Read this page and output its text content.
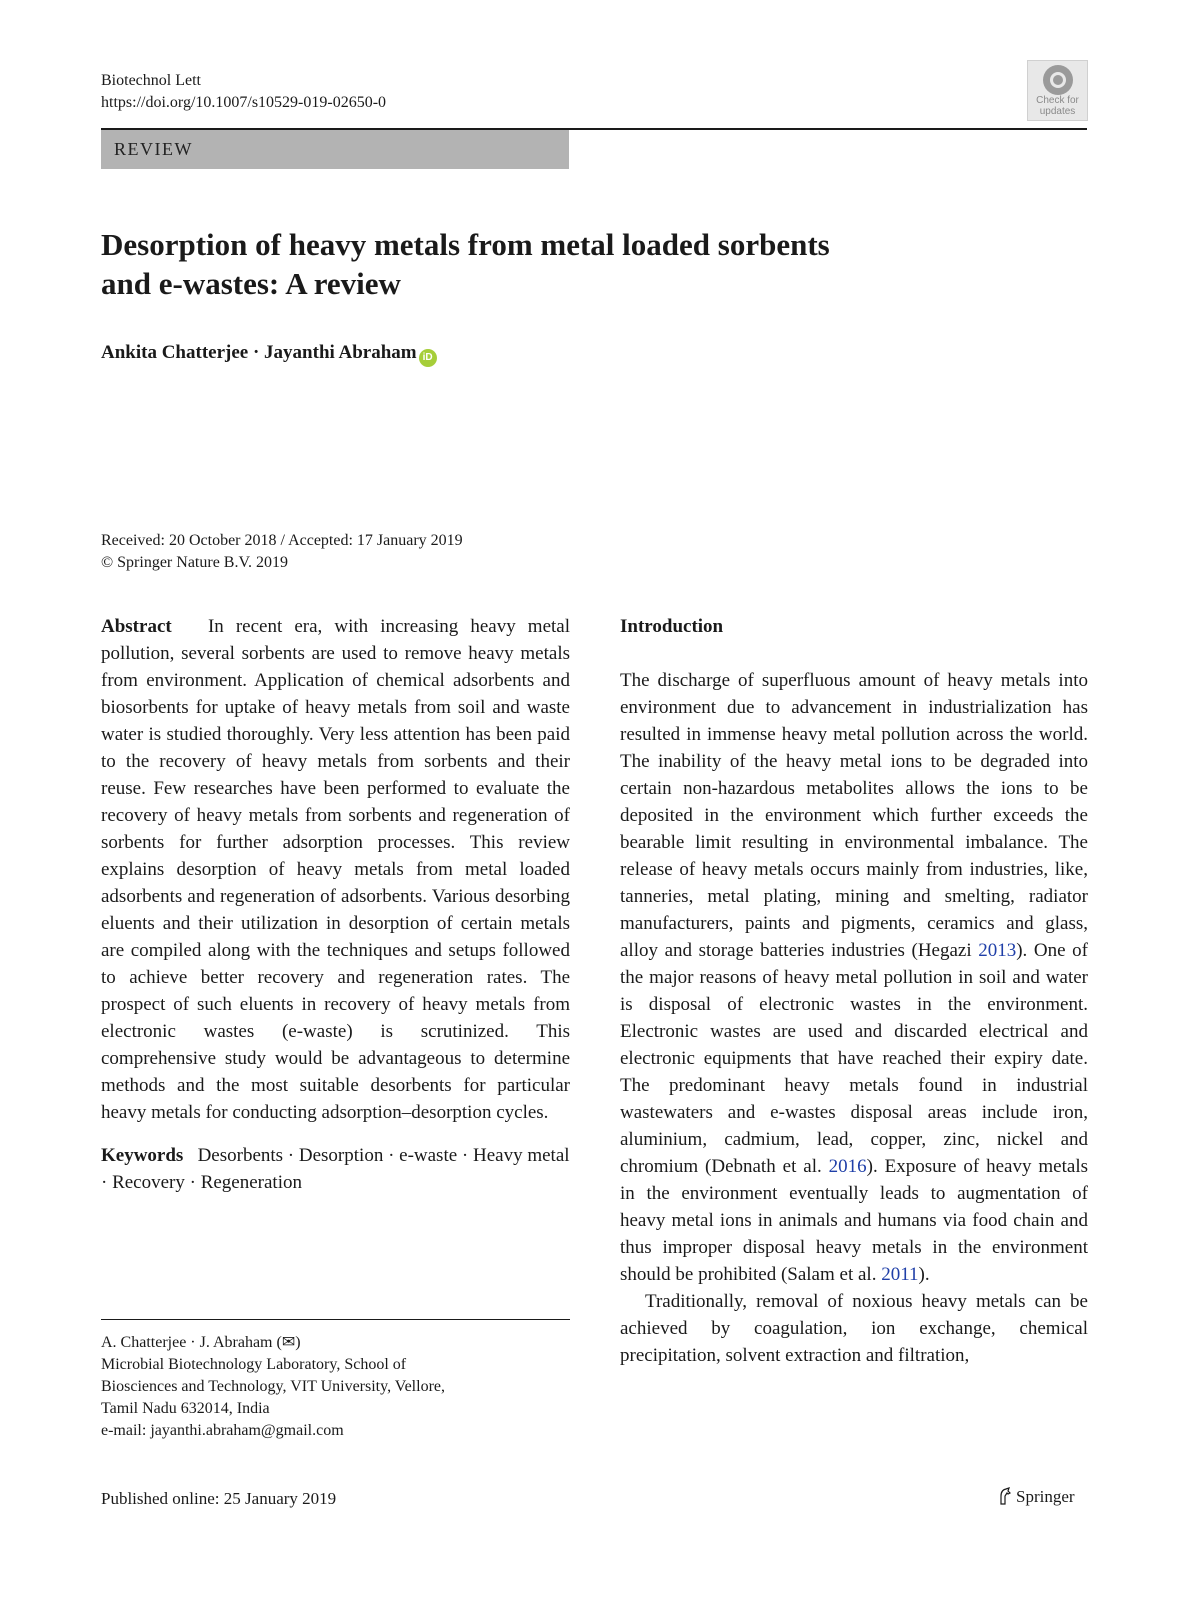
Biotechnol Lett
https://doi.org/10.1007/s10529-019-02650-0	Check for
updates
REVIEW
Desorption of heavy metals from metal loaded sorbents
and e-wastes: A review
Ankita Chatterjee · Jayanthi Abraham iD
Received: 20 October 2018 / Accepted: 17 January 2019
© Springer Nature B.V. 2019

Abstract In recent era, with increasing heavy metal pollution, several sorbents are used to remove heavy metals from environment. Application of chemical adsorbents and biosorbents for uptake of heavy metals from soil and waste water is studied thoroughly. Very less attention has been paid to the recovery of heavy metals from sorbents and their reuse. Few researches have been performed to evaluate the recovery of heavy metals from sorbents and regeneration of sorbents for further adsorption processes. This review explains desorption of heavy metals from metal loaded adsorbents and regeneration of adsorbents. Various desorbing eluents and their utilization in desorption of certain metals are compiled along with the techniques and setups followed to achieve better recovery and regeneration rates. The prospect of such eluents in recovery of heavy metals from electronic wastes (e-waste) is scrutinized. This comprehensive study would be advantageous to determine methods and the most suitable desorbents for particular heavy metals for conducting adsorption–desorption cycles.

Keywords Desorbents · Desorption · e-waste · Heavy metal · Recovery · Regeneration

A. Chatterjee · J. Abraham (✉)
Microbial Biotechnology Laboratory, School of
Biosciences and Technology, VIT University, Vellore,
Tamil Nadu 632014, India
e-mail: jayanthi.abraham@gmail.com

Introduction

The discharge of superfluous amount of heavy metals into environment due to advancement in industrialization has resulted in immense heavy metal pollution across the world. The inability of the heavy metal ions to be degraded into certain non-hazardous metabolites allows the ions to be deposited in the environment which further exceeds the bearable limit resulting in environmental imbalance. The release of heavy metals occurs mainly from industries, like, tanneries, metal plating, mining and smelting, radiator manufacturers, paints and pigments, ceramics and glass, alloy and storage batteries industries (Hegazi 2013). One of the major reasons of heavy metal pollution in soil and water is disposal of electronic wastes in the environment. Electronic wastes are used and discarded electrical and electronic equipments that have reached their expiry date. The predominant heavy metals found in industrial wastewaters and e-wastes disposal areas include iron, aluminium, cadmium, lead, copper, zinc, nickel and chromium (Debnath et al. 2016). Exposure of heavy metals in the environment eventually leads to augmentation of heavy metal ions in animals and humans via food chain and thus improper disposal heavy metals in the environment should be prohibited (Salam et al. 2011).

Traditionally, removal of noxious heavy metals can be achieved by coagulation, ion exchange, chemical precipitation, solvent extraction and filtration,

Published online: 25 January 2019	Springer
